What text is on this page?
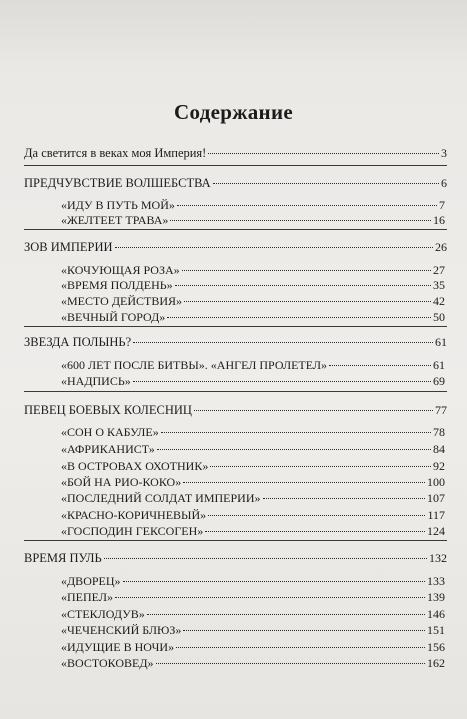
Содержание
Да светится в веках моя Империя!	3
ПРЕДЧУВСТВИЕ ВОЛШЕБСТВА	6
«ИДУ В ПУТЬ МОЙ»	7
«ЖЕЛТЕЕТ ТРАВА»	16
ЗОВ ИМПЕРИИ	26
«КОЧУЮЩАЯ РОЗА»	27
«ВРЕМЯ ПОЛДЕНЬ»	35
«МЕСТО ДЕЙСТВИЯ»	42
«ВЕЧНЫЙ ГОРОД»	50
ЗВЕЗДА ПОЛЫНЬ?	61
«600 ЛЕТ ПОСЛЕ БИТВЫ». «АНГЕЛ ПРОЛЕТЕЛ»	61
«НАДПИСЬ»	69
ПЕВЕЦ БОЕВЫХ КОЛЕСНИЦ	77
«СОН О КАБУЛЕ»	78
«АФРИКАНИСТ»	84
«В ОСТРОВАХ ОХОТНИК»	92
«БОЙ НА РИО-КОКО»	100
«ПОСЛЕДНИЙ СОЛДАТ ИМПЕРИИ»	107
«КРАСНО-КОРИЧНЕВЫЙ»	117
«ГОСПОДИН ГЕКСОГЕН»	124
ВРЕМЯ ПУЛЬ	132
«ДВОРЕЦ»	133
«ПЕПЕЛ»	139
«СТЕКЛОДУВ»	146
«ЧЕЧЕНСКИЙ БЛЮЗ»	151
«ИДУЩИЕ В НОЧИ»	156
«ВОСТОКОВЕД»	162
